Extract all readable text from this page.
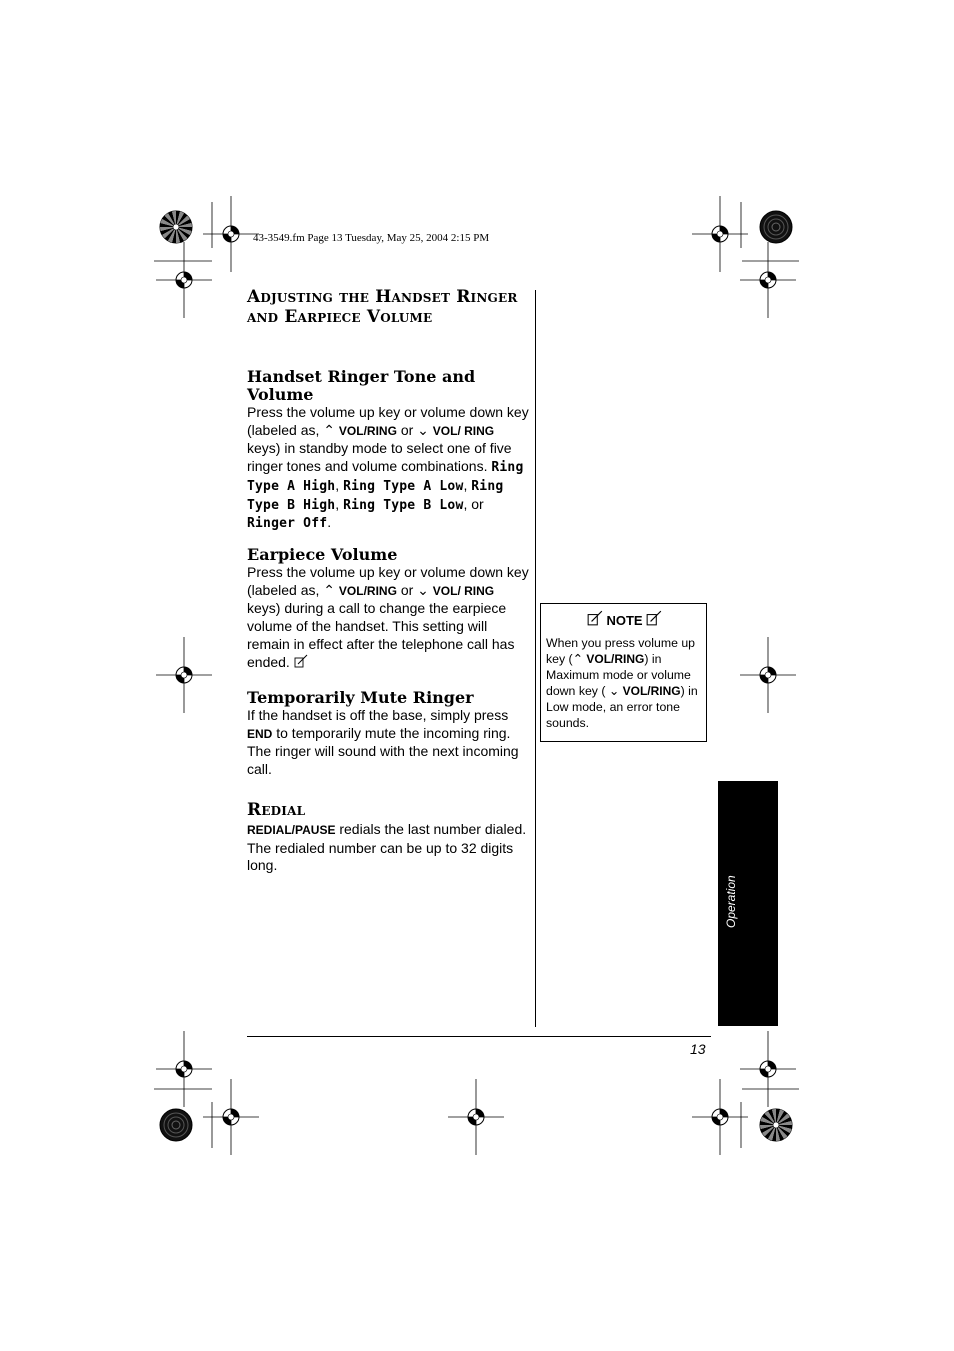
43-3549.fm Page 13 Tuesday, May 25, 2004 2:15 PM
Adjusting the Handset Ringer and Earpiece Volume
Handset Ringer Tone and Volume
Press the volume up key or volume down key (labeled as, ⌃ VOL/RING or ⌄ VOL/ RING keys) in standby mode to select one of five ringer tones and volume combinations. Ring Type A High, Ring Type A Low, Ring Type B High, Ring Type B Low, or Ringer Off.
Earpiece Volume
Press the volume up key or volume down key (labeled as, ⌃ VOL/RING or ⌄ VOL/ RING keys) during a call to change the earpiece volume of the handset. This setting will remain in effect after the telephone call has ended.
Temporarily Mute Ringer
If the handset is off the base, simply press END to temporarily mute the incoming ring. The ringer will sound with the next incoming call.
Redial
REDIAL/PAUSE redials the last number dialed. The redialed number can be up to 32 digits long.
NOTE
When you press volume up key (⌃ VOL/RING) in Maximum mode or volume down key ( ⌄ VOL/RING) in Low mode, an error tone sounds.
Operation
13
